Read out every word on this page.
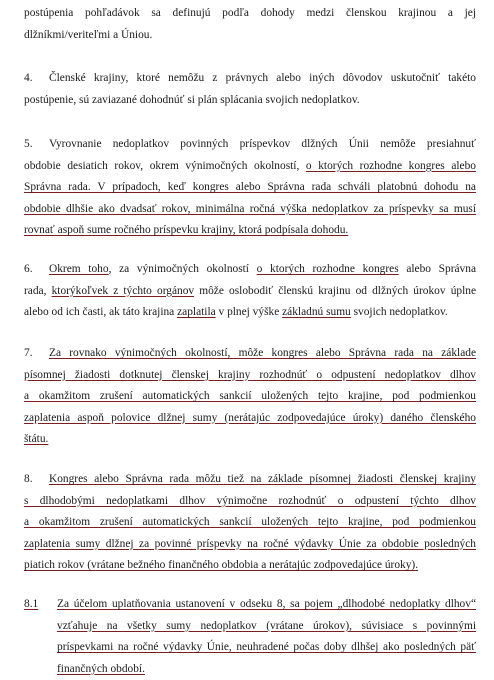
postúpenia pohľadávok sa definujú podľa dohody medzi členskou krajinou a jej
dlžníkmi/veriteľmi a Úniou.

4. Členské krajiny, ktoré nemôžu z právnych alebo iných dôvodov uskutočniť takéto
postúpenie, sú zaviazané dohodnúť si plán splácania svojich nedoplatkov.

5. Vyrovnanie nedoplatkov povinných príspevkov dlžných Únii nemôže presiahnuť
obdobie desiatich rokov, okrem výnimočných okolností, o ktorých rozhodne kongres alebo
Správna rada. V prípadoch, keď kongres alebo Správna rada schváli platobnú dohodu na
obdobie dlhšie ako dvadsať rokov, minimálna ročná výška nedoplatkov za príspevky sa musí
rovnať aspoň sume ročného príspevku krajiny, ktorá podpísala dohodu.

6. Okrem toho, za výnimočných okolností o ktorých rozhodne kongres alebo Správna
rada, ktorýkoľvek z týchto orgánov môže oslobodiť členskú krajinu od dlžných úrokov úplne
alebo od ich časti, ak táto krajina zaplatila v plnej výške základnú sumu svojich nedoplatkov.

7. Za rovnako výnimočných okolností, môže kongres alebo Správna rada na základe
písomnej žiadosti dotknutej členskej krajiny rozhodnúť o odpustení nedoplatkov dlhov
a okamžitom zrušení automatických sankcií uložených tejto krajine, pod podmienkou
zaplatenia aspoň polovice dlžnej sumy (nerátajúc zodpovedajúce úroky) daného členského
štátu.

8. Kongres alebo Správna rada môžu tiež na základe písomnej žiadosti členskej krajiny
s dlhodobými nedoplatkami dlhov výnimočne rozhodnúť o odpustení týchto dlhov
a okamžitom zrušení automatických sankcií uložených tejto krajine, pod podmienkou
zaplatenia sumy dlžnej za povinné príspevky na ročné výdavky Únie za obdobie posledných
piatich rokov (vrátane bežného finančného obdobia a nerátajúc zodpovedajúce úroky).

8.1	Za účelom uplatňovania ustanovení v odseku 8, sa pojem „dlhodobé nedoplatky dlhov“
vzťahuje na všetky sumy nedoplatkov (vrátane úrokov), súvisiace s povinnými
príspevkami na ročné výdavky Únie, neuhradené počas doby dlhšej ako posledných päť
finančných období.
